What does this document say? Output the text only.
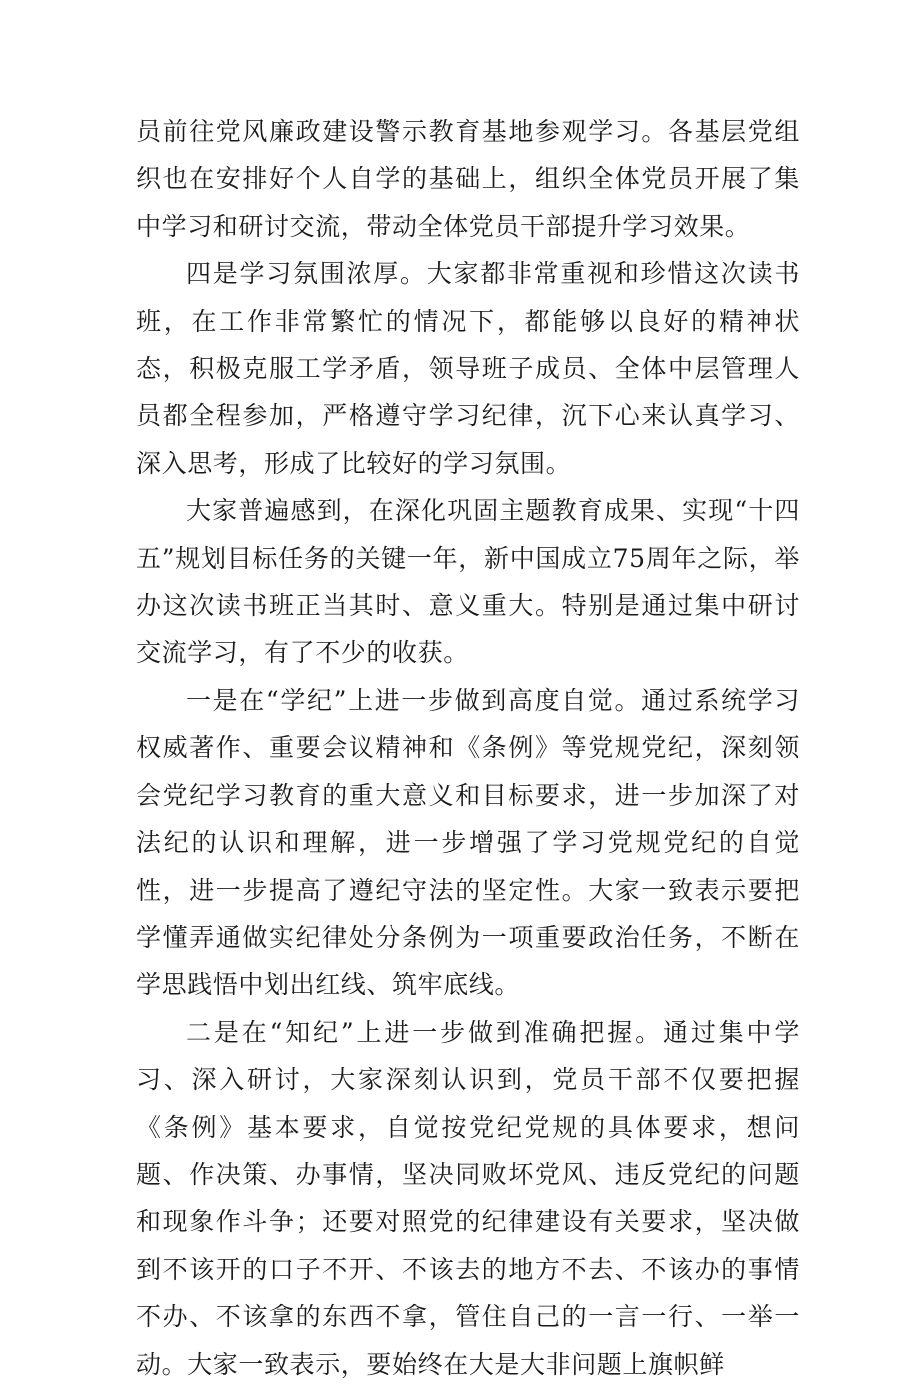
员前往党风廉政建设警示教育基地参观学习。各基层党组织也在安排好个人自学的基础上，组织全体党员开展了集中学习和研讨交流，带动全体党员干部提升学习效果。

四是学习氛围浓厚。大家都非常重视和珍惜这次读书班，在工作非常繁忙的情况下，都能够以良好的精神状态，积极克服工学矛盾，领导班子成员、全体中层管理人员都全程参加，严格遵守学习纪律，沉下心来认真学习、深入思考，形成了比较好的学习氛围。

大家普遍感到，在深化巩固主题教育成果、实现“十四五”规划目标任务的关键一年，新中国成立75周年之际，举办这次读书班正当其时、意义重大。特别是通过集中研讨交流学习，有了不少的收获。

一是在“学纪”上进一步做到高度自觉。通过系统学习权威著作、重要会议精神和《条例》等党规党纪，深刻领会党纪学习教育的重大意义和目标要求，进一步加深了对法纪的认识和理解，进一步增强了学习党规党纪的自觉性，进一步提高了遵纪守法的坚定性。大家一致表示要把学懂弄通做实纪律处分条例为一项重要政治任务，不断在学思践悟中划出红线、筑牢底线。

二是在“知纪”上进一步做到准确把握。通过集中学习、深入研讨，大家深刻认识到，党员干部不仅要把握《条例》基本要求，自觉按党纪党规的具体要求，想问题、作决策、办事情，坚决同败坏党风、违反党纪的问题和现象作斗争；还要对照党的纪律建设有关要求，坚决做到不该开的口子不开、不该去的地方不去、不该办的事情不办、不该拿的东西不拿，管住自己的一言一行、一举一动。大家一致表示，要始终在大是大非问题上旗帜鲜
